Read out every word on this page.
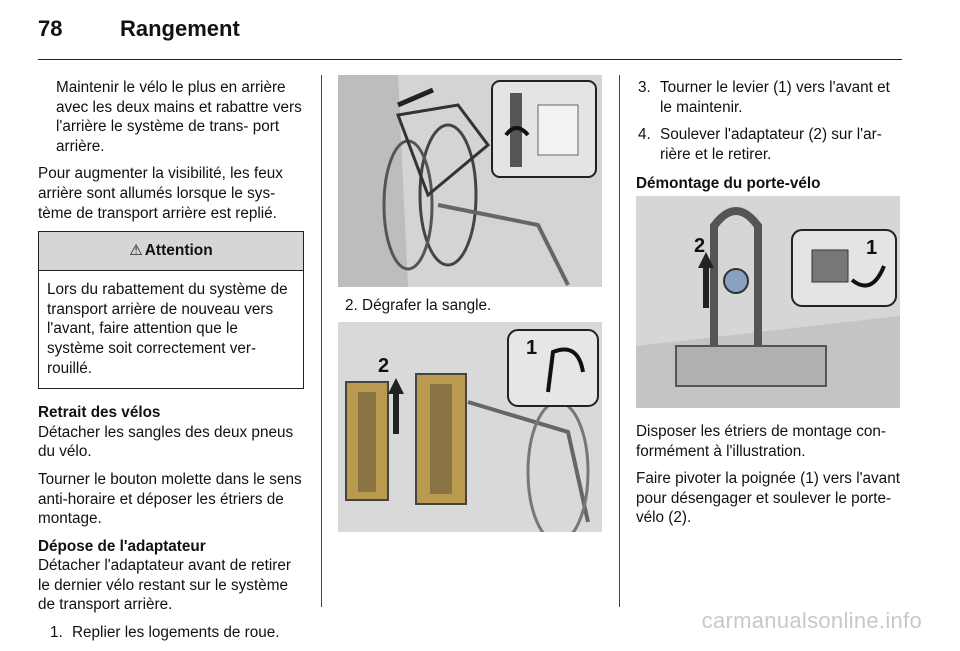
78	Rangement

Maintenir le vélo le plus en arrière avec les deux mains et rabattre vers l'arrière le système de trans- port arrière.

Pour augmenter la visibilité, les feux arrière sont allumés lorsque le sys- tème de transport arrière est replié.

⚠ Attention
Lors du rabattement du système de transport arrière de nouveau vers l'avant, faire attention que le système soit correctement ver- rouillé.
Retrait des vélos

Détacher les sangles des deux pneus du vélo.

Tourner le bouton molette dans le sens anti-horaire et déposer les étriers de montage.

Dépose de l'adaptateur

Détacher l'adaptateur avant de retirer le dernier vélo restant sur le système de transport arrière.

1. Replier les logements de roue.
2. Dégrafer la sangle.
2
1
3. Tourner le levier (1) vers l'avant et le maintenir.
4. Soulever l'adaptateur (2) sur l'ar- rière et le retirer.
Démontage du porte-vélo
2	1

Disposer les étriers de montage con- formément à l'illustration.

Faire pivoter la poignée (1) vers l'avant pour désengager et soulever le porte-vélo (2).

carmanualsonline.info
